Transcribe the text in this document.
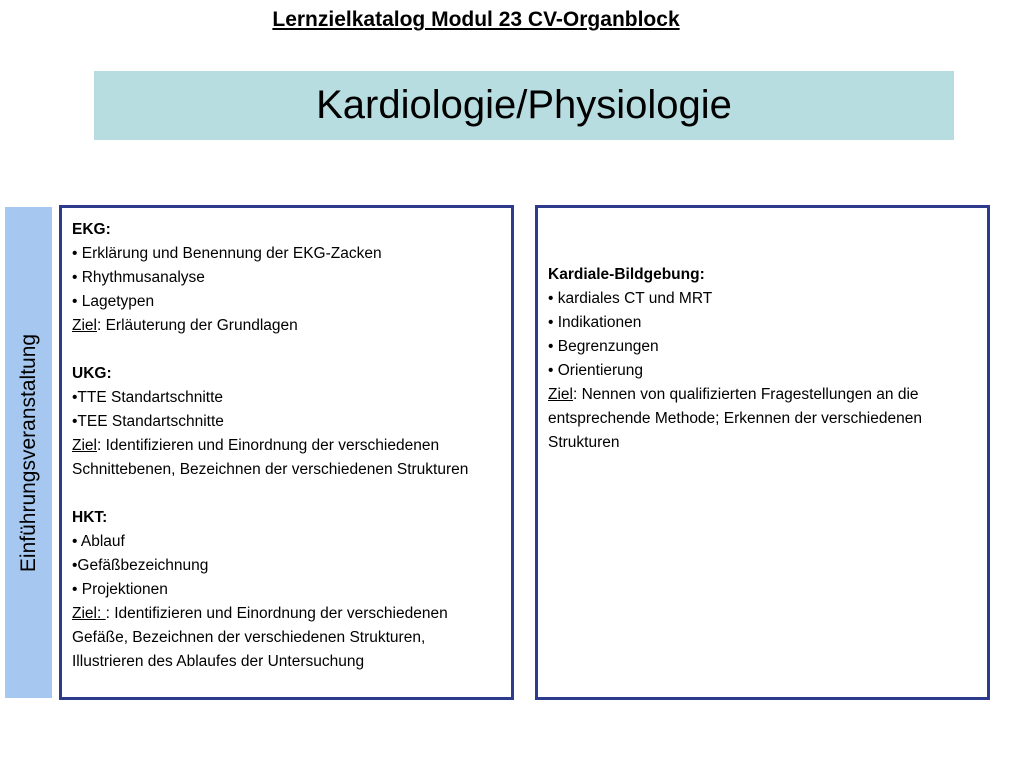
Lernzielkatalog Modul 23 CV-Organblock
Kardiologie/Physiologie
Einführungsveranstaltung
EKG:
• Erklärung und Benennung der EKG-Zacken
• Rhythmusanalyse
• Lagetypen
Ziel: Erläuterung der Grundlagen
UKG:
•TTE Standartschnitte
•TEE Standartschnitte
Ziel: Identifizieren und Einordnung der verschiedenen
Schnittebenen, Bezeichnen der verschiedenen Strukturen
HKT:
• Ablauf
•Gefäßbezeichnung
• Projektionen
Ziel: : Identifizieren und Einordnung der verschiedenen
Gefäße, Bezeichnen der verschiedenen Strukturen,
Illustrieren des Ablaufes der Untersuchung
Kardiale-Bildgebung:
• kardiales CT und MRT
• Indikationen
• Begrenzungen
• Orientierung
Ziel: Nennen von qualifizierten Fragestellungen an die
entsprechende Methode; Erkennen der verschiedenen
Strukturen
